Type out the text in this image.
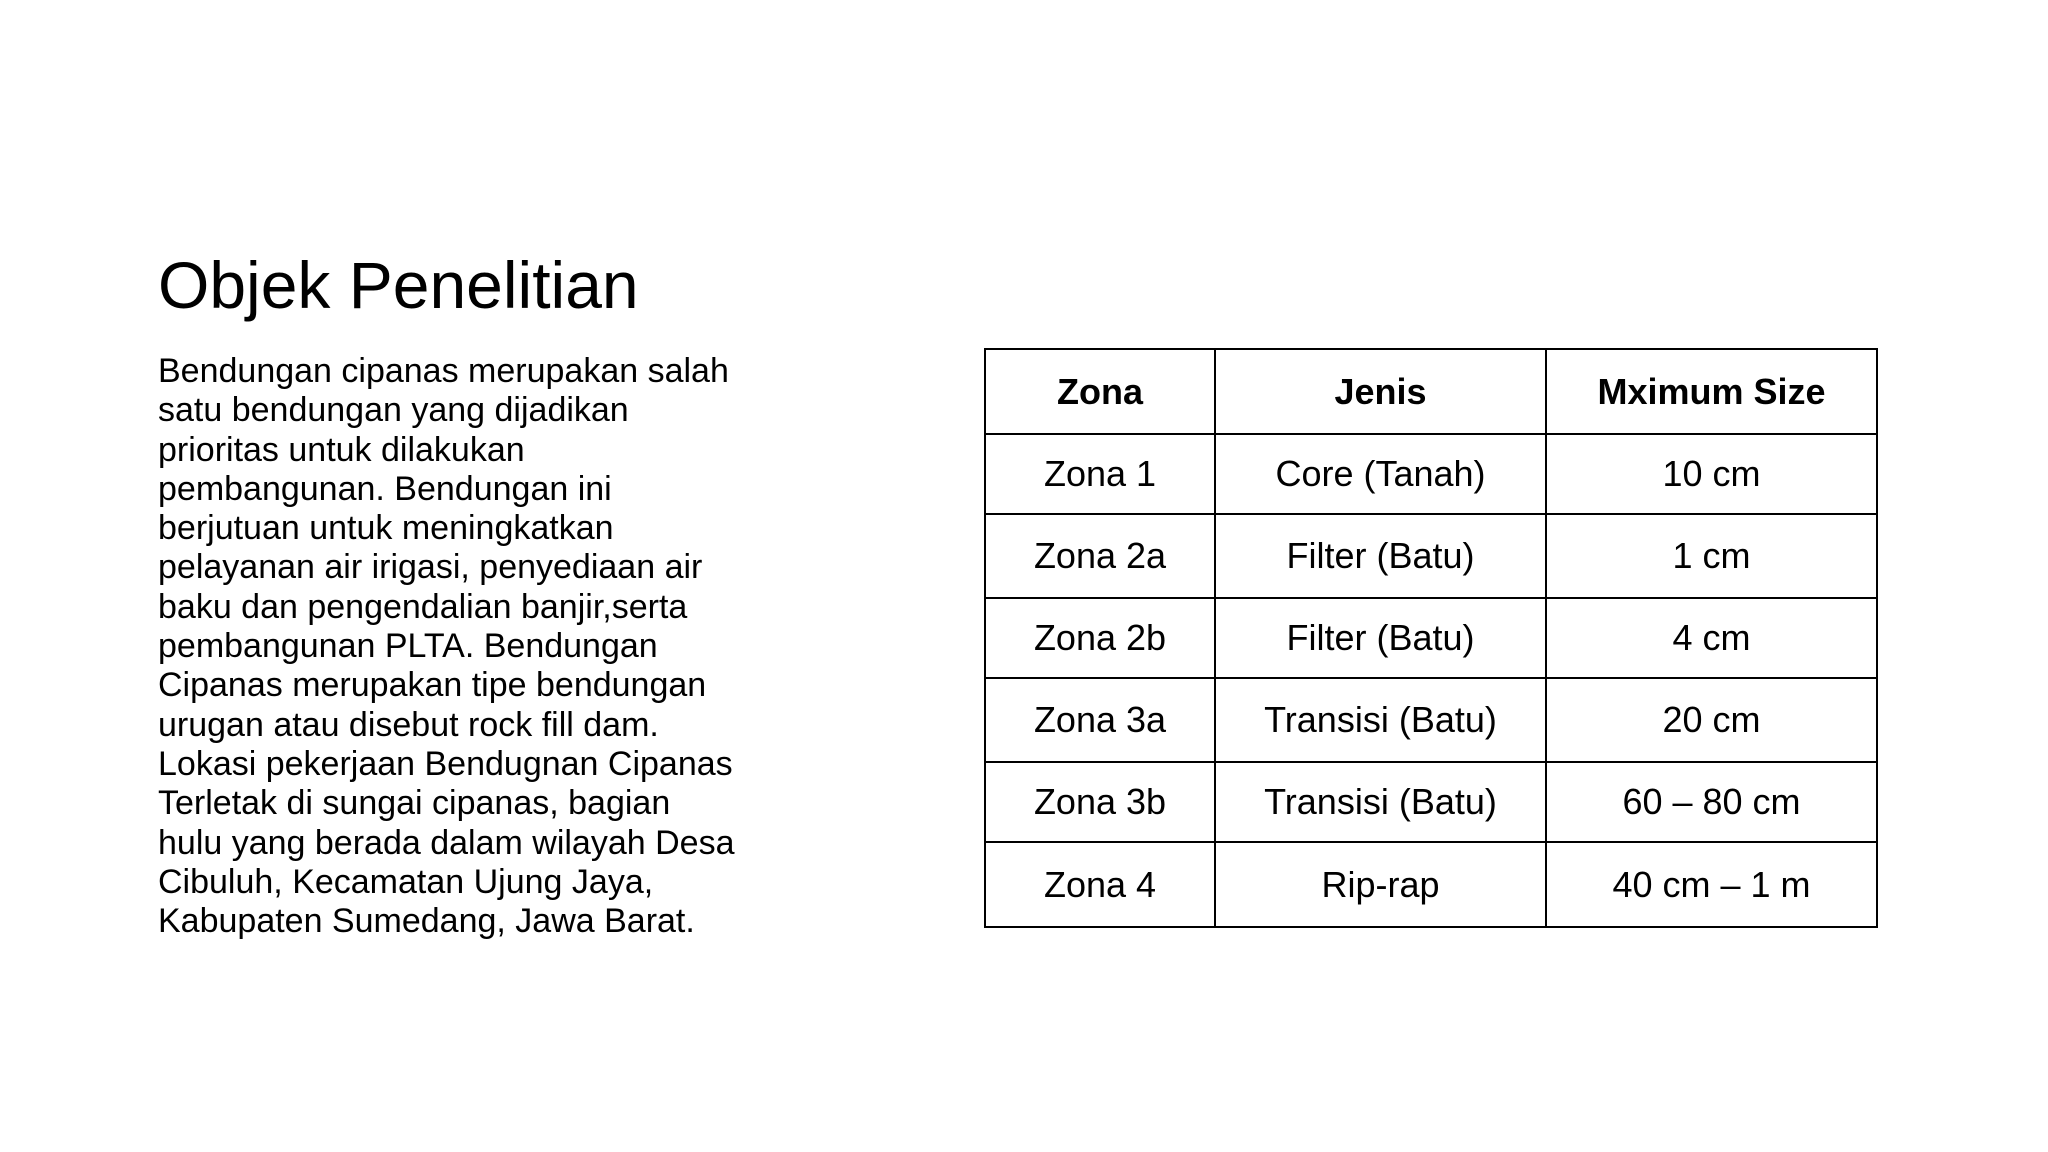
Objek Penelitian
Bendungan cipanas merupakan salah
satu bendungan yang dijadikan
prioritas untuk dilakukan
pembangunan. Bendungan ini
berjutuan untuk meningkatkan
pelayanan air irigasi, penyediaan air
baku dan pengendalian banjir,serta
pembangunan PLTA. Bendungan
Cipanas merupakan tipe bendungan
urugan atau disebut rock fill dam.
Lokasi pekerjaan Bendugnan Cipanas
Terletak di sungai cipanas, bagian
hulu yang berada dalam wilayah Desa
Cibuluh, Kecamatan Ujung Jaya,
Kabupaten Sumedang, Jawa Barat.
Zona	Jenis	Mximum Size
Zona 1	Core (Tanah)	10 cm
Zona 2a	Filter (Batu)	1 cm
Zona 2b	Filter (Batu)	4 cm
Zona 3a	Transisi (Batu)	20 cm
Zona 3b	Transisi (Batu)	60 – 80 cm
Zona 4	Rip-rap	40 cm – 1 m
